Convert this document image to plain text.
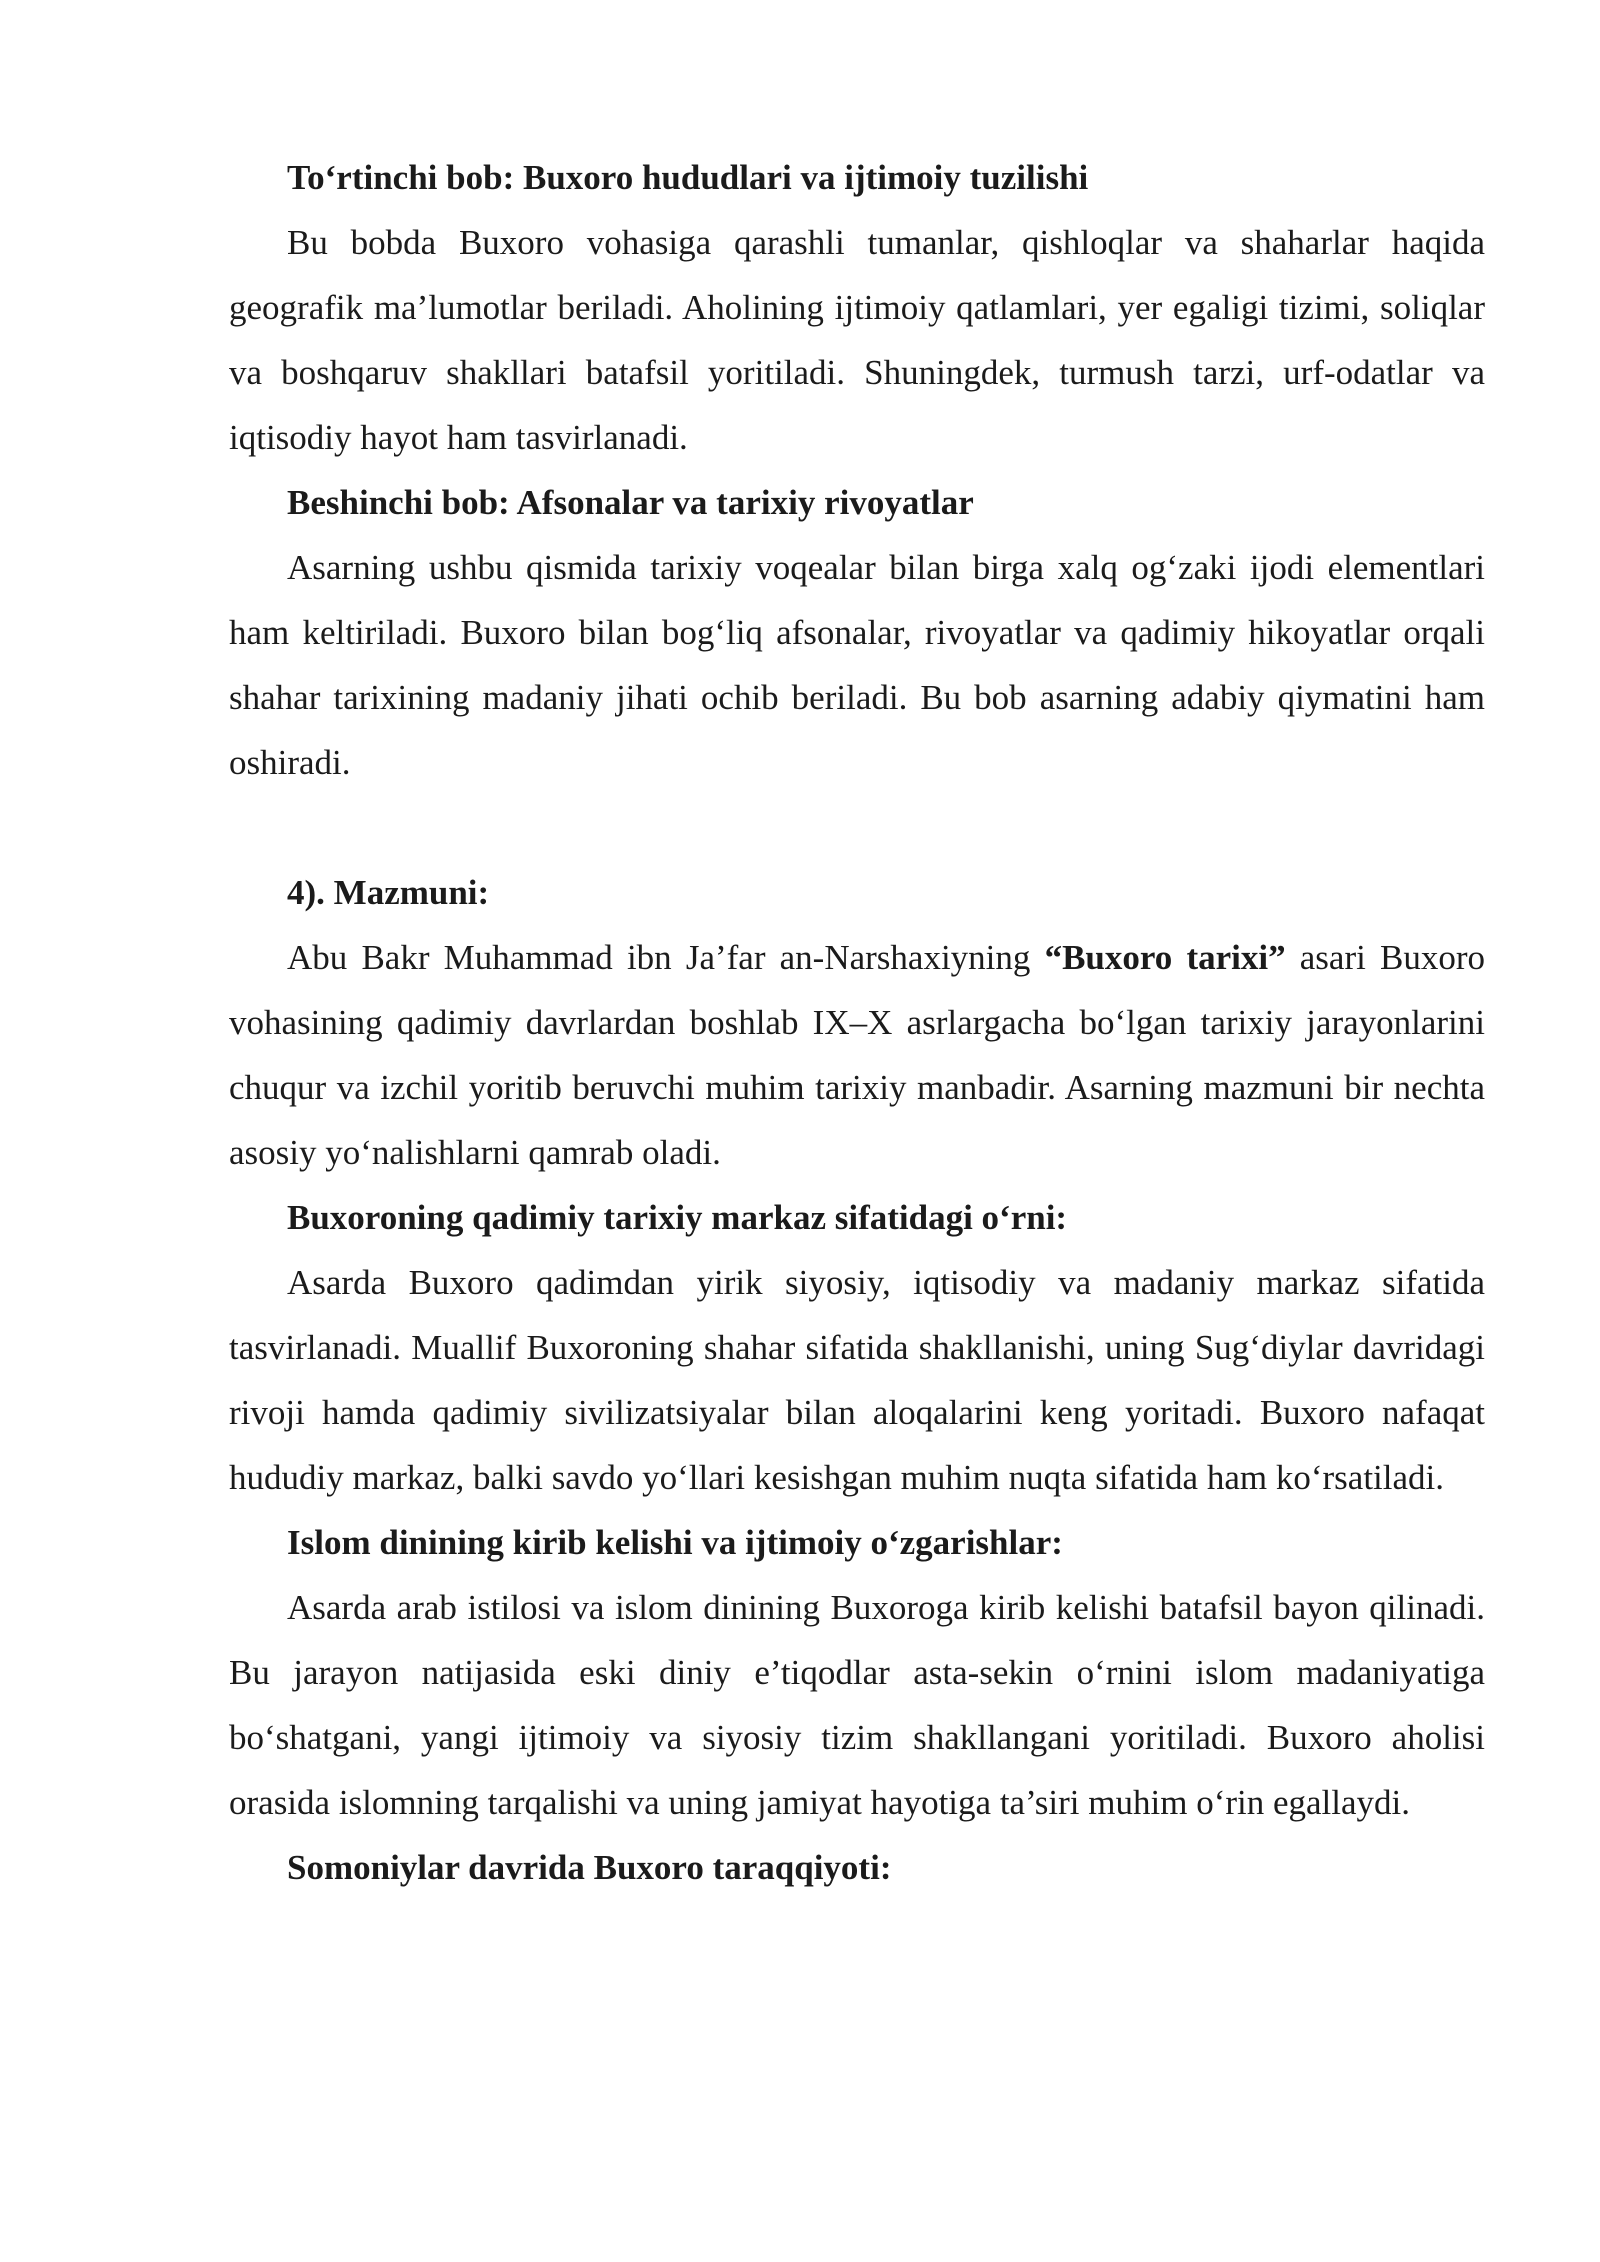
To‘rtinchi bob: Buxoro hududlari va ijtimoiy tuzilishi

Bu bobda Buxoro vohasiga qarashli tumanlar, qishloqlar va shaharlar haqida geografik ma’lumotlar beriladi. Aholining ijtimoiy qatlamlari, yer egaligi tizimi, soliqlar va boshqaruv shakllari batafsil yoritiladi. Shuningdek, turmush tarzi, urf-odatlar va iqtisodiy hayot ham tasvirlanadi.

Beshinchi bob: Afsonalar va tarixiy rivoyatlar

Asarning ushbu qismida tarixiy voqealar bilan birga xalq og‘zaki ijodi elementlari ham keltiriladi. Buxoro bilan bog‘liq afsonalar, rivoyatlar va qadimiy hikoyatlar orqali shahar tarixining madaniy jihati ochib beriladi. Bu bob asarning adabiy qiymatini ham oshiradi.

4). Mazmuni:

Abu Bakr Muhammad ibn Ja’far an-Narshaxiyning “Buxoro tarixi” asari Buxoro vohasining qadimiy davrlardan boshlab IX–X asrlargacha bo‘lgan tarixiy jarayonlarini chuqur va izchil yoritib beruvchi muhim tarixiy manbadir. Asarning mazmuni bir nechta asosiy yo‘nalishlarni qamrab oladi.

Buxoroning qadimiy tarixiy markaz sifatidagi o‘rni:

Asarda Buxoro qadimdan yirik siyosiy, iqtisodiy va madaniy markaz sifatida tasvirlanadi. Muallif Buxoroning shahar sifatida shakllanishi, uning Sug‘diylar davridagi rivoji hamda qadimiy sivilizatsiyalar bilan aloqalarini keng yoritadi. Buxoro nafaqat hududiy markaz, balki savdo yo‘llari kesishgan muhim nuqta sifatida ham ko‘rsatiladi.

Islom dinining kirib kelishi va ijtimoiy o‘zgarishlar:

Asarda arab istilosi va islom dinining Buxoroga kirib kelishi batafsil bayon qilinadi. Bu jarayon natijasida eski diniy e’tiqodlar asta-sekin o‘rnini islom madaniyatiga bo‘shatgani, yangi ijtimoiy va siyosiy tizim shakllangani yoritiladi. Buxoro aholisi orasida islomning tarqalishi va uning jamiyat hayotiga ta’siri muhim o‘rin egallaydi.

Somoniylar davrida Buxoro taraqqiyoti:
